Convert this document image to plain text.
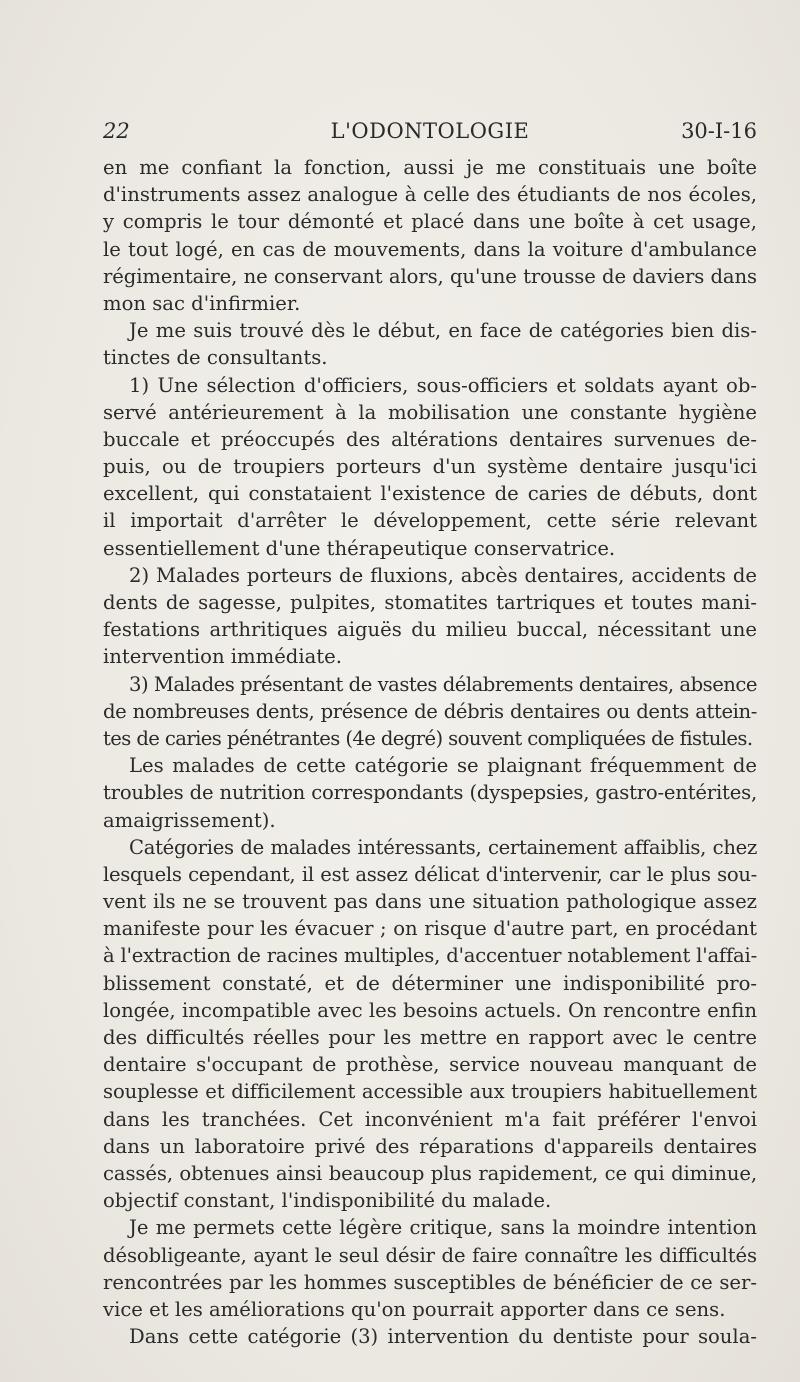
22	L'ODONTOLOGIE	30-I-16
en me confiant la fonction, aussi je me constituais une boîte
d'instruments assez analogue à celle des étudiants de nos écoles,
y compris le tour démonté et placé dans une boîte à cet usage,
le tout logé, en cas de mouvements, dans la voiture d'ambulance
régimentaire, ne conservant alors, qu'une trousse de daviers dans
mon sac d'infirmier.
Je me suis trouvé dès le début, en face de catégories bien dis-
tinctes de consultants.
1) Une sélection d'officiers, sous-officiers et soldats ayant ob-
servé antérieurement à la mobilisation une constante hygiène
buccale et préoccupés des altérations dentaires survenues de-
puis, ou de troupiers porteurs d'un système dentaire jusqu'ici
excellent, qui constataient l'existence de caries de débuts, dont
il importait d'arrêter le développement, cette série relevant
essentiellement d'une thérapeutique conservatrice.
2) Malades porteurs de fluxions, abcès dentaires, accidents de
dents de sagesse, pulpites, stomatites tartriques et toutes mani-
festations arthritiques aiguës du milieu buccal, nécessitant une
intervention immédiate.
3) Malades présentant de vastes délabrements dentaires, absence
de nombreuses dents, présence de débris dentaires ou dents attein-
tes de caries pénétrantes (4e degré) souvent compliquées de fistules.
Les malades de cette catégorie se plaignant fréquemment de
troubles de nutrition correspondants (dyspepsies, gastro-entérites,
amaigrissement).
Catégories de malades intéressants, certainement affaiblis, chez
lesquels cependant, il est assez délicat d'intervenir, car le plus sou-
vent ils ne se trouvent pas dans une situation pathologique assez
manifeste pour les évacuer ; on risque d'autre part, en procédant
à l'extraction de racines multiples, d'accentuer notablement l'affai-
blissement constaté, et de déterminer une indisponibilité pro-
longée, incompatible avec les besoins actuels. On rencontre enfin
des difficultés réelles pour les mettre en rapport avec le centre
dentaire s'occupant de prothèse, service nouveau manquant de
souplesse et difficilement accessible aux troupiers habituellement
dans les tranchées. Cet inconvénient m'a fait préférer l'envoi
dans un laboratoire privé des réparations d'appareils dentaires
cassés, obtenues ainsi beaucoup plus rapidement, ce qui diminue,
objectif constant, l'indisponibilité du malade.
Je me permets cette légère critique, sans la moindre intention
désobligeante, ayant le seul désir de faire connaître les difficultés
rencontrées par les hommes susceptibles de bénéficier de ce ser-
vice et les améliorations qu'on pourrait apporter dans ce sens.
Dans cette catégorie (3) intervention du dentiste pour soula-
